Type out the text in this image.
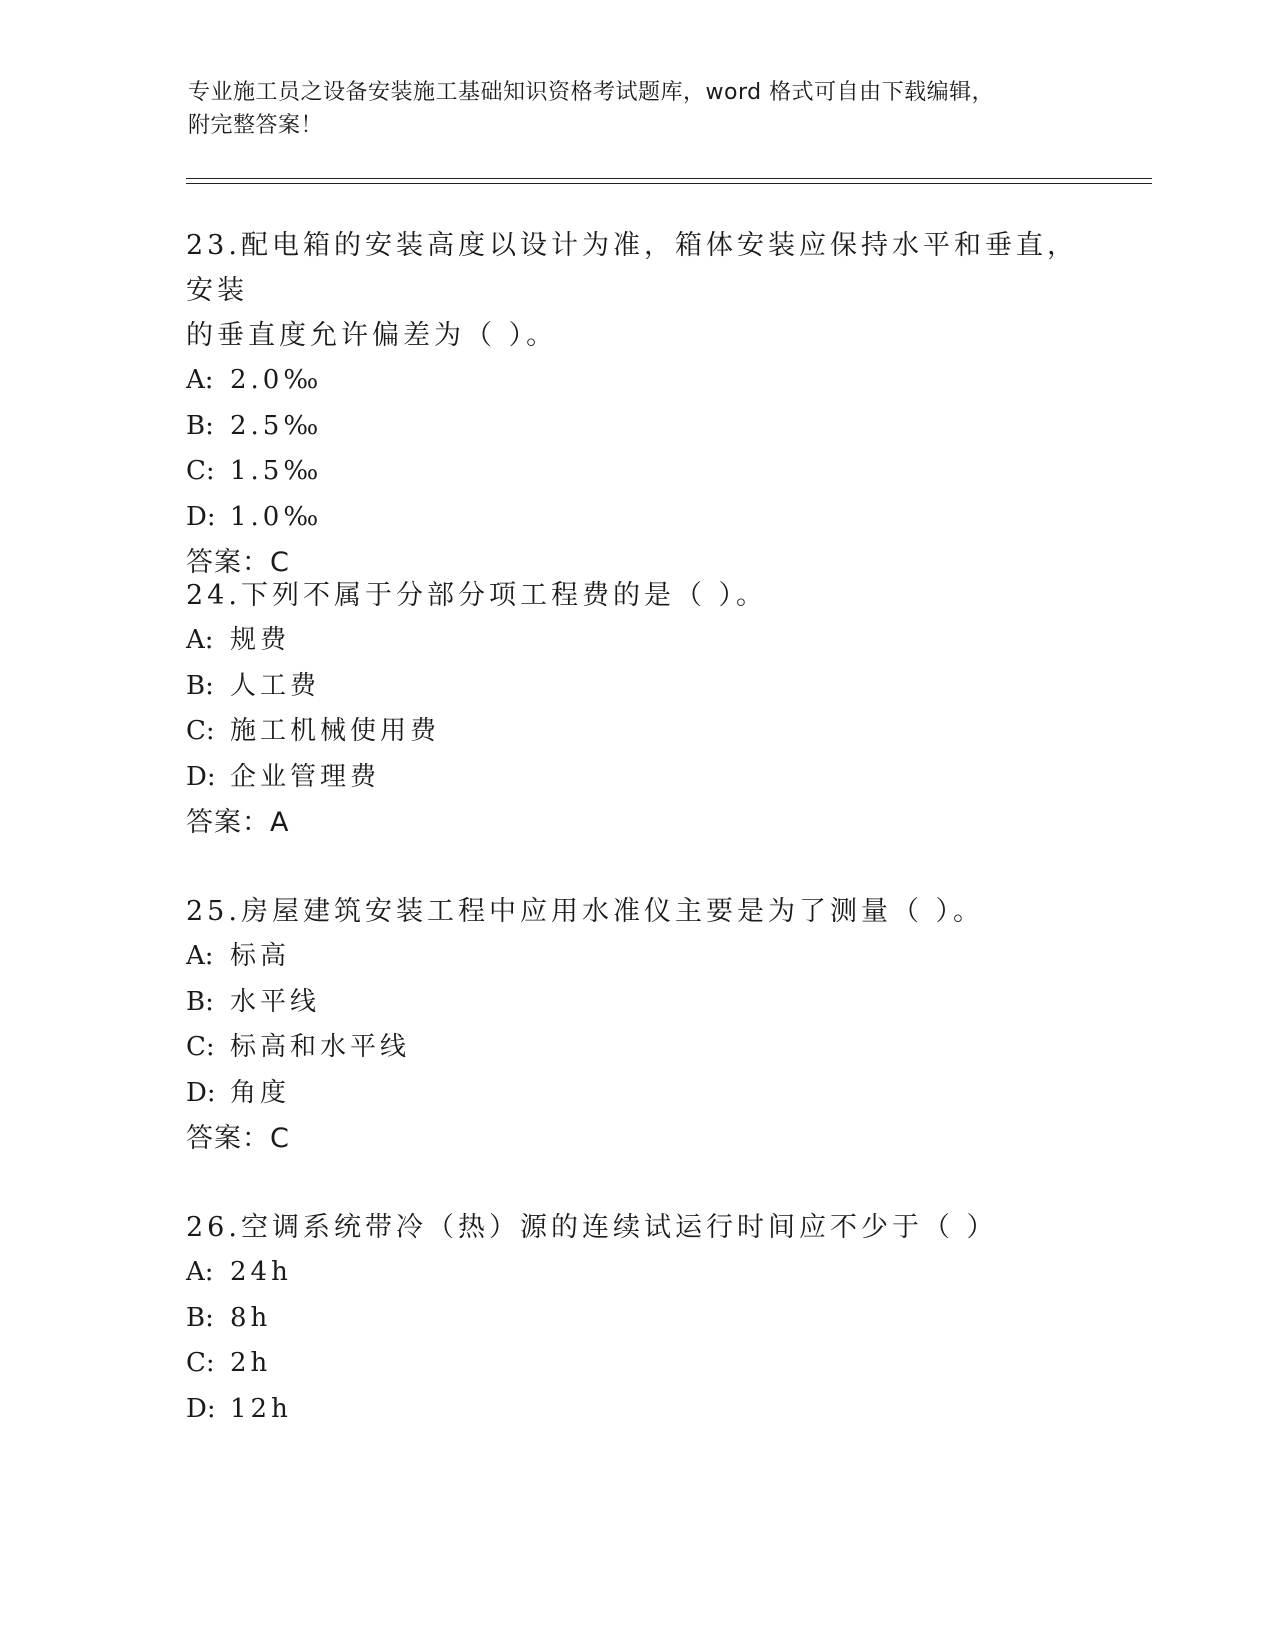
专业施工员之设备安装施工基础知识资格考试题库，word 格式可自由下载编辑，
附完整答案！
23.配电箱的安装高度以设计为准，箱体安装应保持水平和垂直，安装
的垂直度允许偏差为（ ）。
A: 2.0‰
B: 2.5‰
C: 1.5‰
D: 1.0‰
答案：C
24.下列不属于分部分项工程费的是（ ）。
A: 规费
B: 人工费
C: 施工机械使用费
D: 企业管理费
答案：A
25.房屋建筑安装工程中应用水准仪主要是为了测量（ ）。
A: 标高
B: 水平线
C: 标高和水平线
D: 角度
答案：C
26.空调系统带冷（热）源的连续试运行时间应不少于（ ）
A: 24h
B: 8h
C: 2h
D: 12h
